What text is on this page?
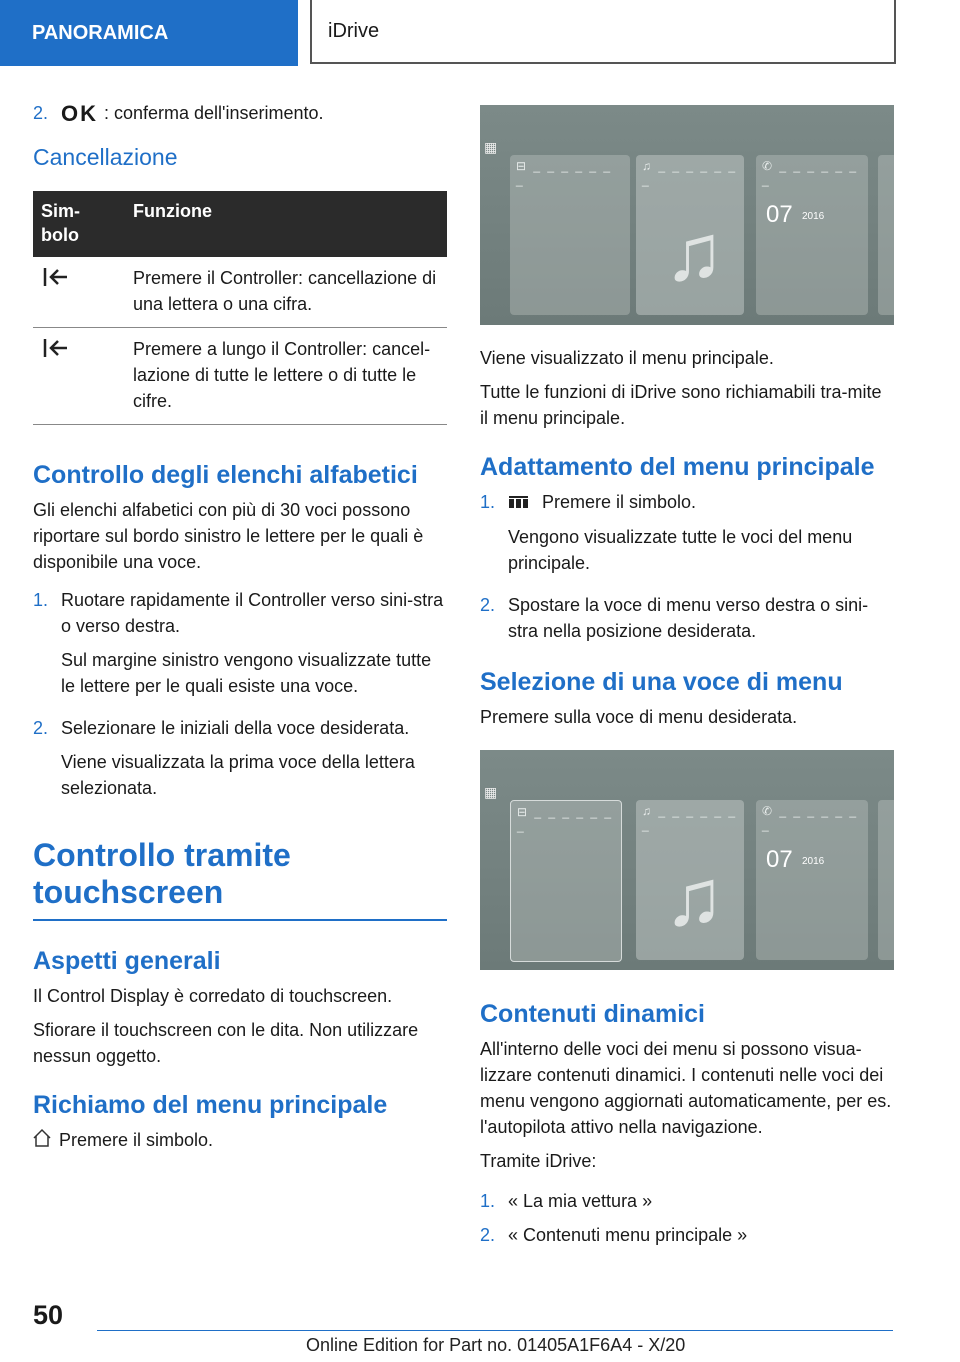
PANORAMICA	iDrive
2. OK : conferma dell'inserimento.
Cancellazione
Sim-
bolo	Funzione
	Premere il Controller: cancellazione di una lettera o una cifra.
	Premere a lungo il Controller: cancel-lazione di tutte le lettere o di tutte le cifre.
Controllo degli elenchi alfabetici

Gli elenchi alfabetici con più di 30 voci possono riportare sul bordo sinistro le lettere per le quali è disponibile una voce.

1. Ruotare rapidamente il Controller verso sini-stra o verso destra.

Sul margine sinistro vengono visualizzate tutte le lettere per le quali esiste una voce.

2. Selezionare le iniziali della voce desiderata.

Viene visualizzata la prima voce della lettera selezionata.

Controllo tramite touchscreen
Aspetti generali

Il Control Display è corredato di touchscreen.

Sfiorare il touchscreen con le dita. Non utilizzare nessun oggetto.

Richiamo del menu principale

Premere il simbolo.

⊟ _ _ _ _ _ _ _
♫ _ _ _ _ _ _ _
♫
✆ _ _ _ _ _ _ _
07 2016
▦

Viene visualizzato il menu principale.

Tutte le funzioni di iDrive sono richiamabili tra-mite il menu principale.

Adattamento del menu principale
1.	Premere il simbolo.

Vengono visualizzate tutte le voci del menu principale.

2. Spostare la voce di menu verso destra o sini-stra nella posizione desiderata.

Selezione di una voce di menu

Premere sulla voce di menu desiderata.

⊟ _ _ _ _ _ _ _
♫ _ _ _ _ _ _ _
♫
✆ _ _ _ _ _ _ _
07 2016
▦
Contenuti dinamici

All'interno delle voci dei menu si possono visua-lizzare contenuti dinamici. I contenuti nelle voci dei menu vengono aggiornati automaticamente, per es. l'autopilota attivo nella navigazione.

Tramite iDrive:

1. « La mia vettura »
2. « Contenuti menu principale »
50
Online Edition for Part no. 01405A1F6A4 - X/20
